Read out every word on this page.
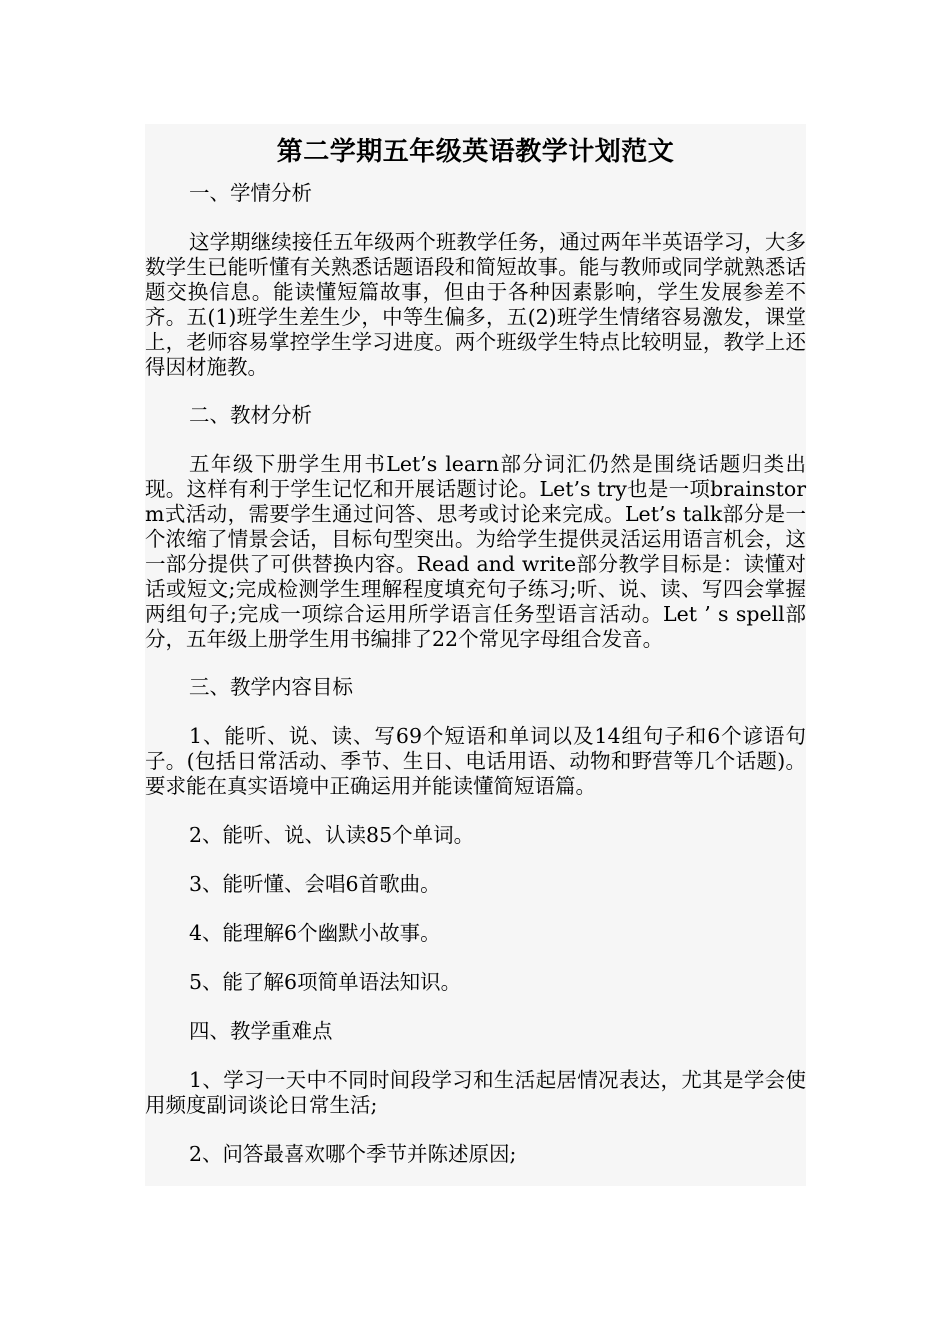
第二学期五年级英语教学计划范文

一、学情分析

这学期继续接任五年级两个班教学任务，通过两年半英语学习，大多数学生已能听懂有关熟悉话题语段和简短故事。能与教师或同学就熟悉话题交换信息。能读懂短篇故事，但由于各种因素影响，学生发展参差不齐。五(1)班学生差生少，中等生偏多，五(2)班学生情绪容易激发，课堂上，老师容易掌控学生学习进度。两个班级学生特点比较明显，教学上还得因材施教。

二、教材分析

五年级下册学生用书Let’s learn部分词汇仍然是围绕话题归类出现。这样有利于学生记忆和开展话题讨论。Let’s try也是一项brainstorm式活动，需要学生通过问答、思考或讨论来完成。Let’s talk部分是一个浓缩了情景会话，目标句型突出。为给学生提供灵活运用语言机会，这一部分提供了可供替换内容。Read and write部分教学目标是：读懂对话或短文;完成检测学生理解程度填充句子练习;听、说、读、写四会掌握两组句子;完成一项综合运用所学语言任务型语言活动。Let ’ s spell部分，五年级上册学生用书编排了22个常见字母组合发音。

三、教学内容目标

1、能听、说、读、写69个短语和单词以及14组句子和6个谚语句子。(包括日常活动、季节、生日、电话用语、动物和野营等几个话题)。要求能在真实语境中正确运用并能读懂简短语篇。

2、能听、说、认读85个单词。

3、能听懂、会唱6首歌曲。

4、能理解6个幽默小故事。

5、能了解6项简单语法知识。

四、教学重难点

1、学习一天中不同时间段学习和生活起居情况表达，尤其是学会使用频度副词谈论日常生活;

2、问答最喜欢哪个季节并陈述原因;
